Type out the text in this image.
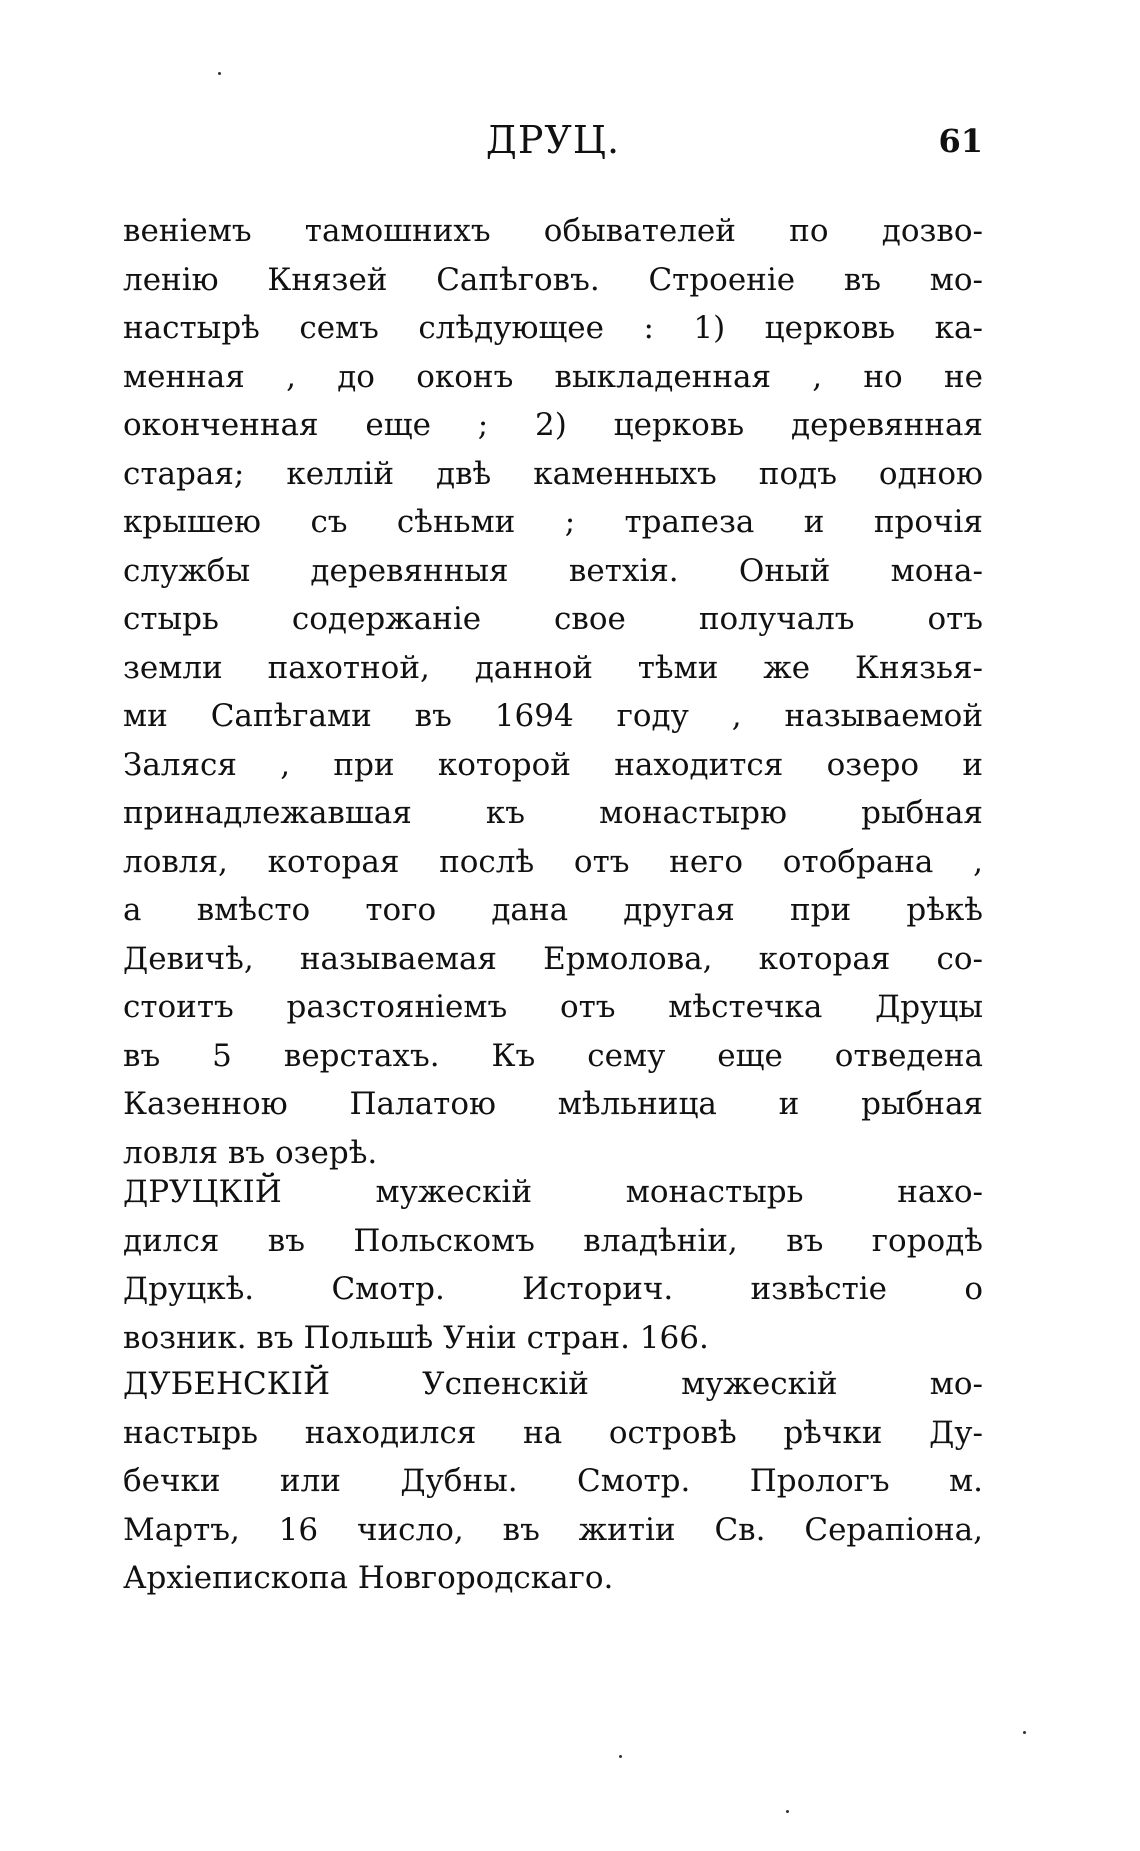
ДРУЦ.	61
венiемъ тамошнихъ обывателей по дозво-
ленiю Князей Сапѣговъ. Строенiе въ мо-
настырѣ семъ слѣдующее : 1) церковь ка-
менная , до оконъ выкладенная , но не
оконченная еще ; 2) церковь деревянная
старая; келлiй двѣ каменныхъ подъ одною
крышею съ сѣньми ; трапеза и прочiя
службы деревянныя ветхiя. Оный мона-
стырь содержанiе свое получалъ отъ
земли пахотной, данной тѣми же Князья-
ми Сапѣгами въ 1694 году , называемой
Заляся , при которой находится озеро и
принадлежавшая къ монастырю рыбная
ловля, которая послѣ отъ него отобрана ,
а вмѣсто того дана другая при рѣкѣ
Девичѣ, называемая Ермолова, которая со-
стоитъ разстоянiемъ отъ мѣстечка Друцы
въ 5 верстахъ. Къ сему еще отведена
Казенною Палатою мѣльница и рыбная
ловля въ озерѣ.
ДРУЦКIЙ мужескiй монастырь нахо-
дился въ Польскомъ владѣнiи, въ городѣ
Друцкѣ. Смотр. Историч. извѣстiе о
возник. въ Польшѣ Унiи стран. 166.
ДУБЕНСКIЙ Успенскiй мужескiй мо-
настырь находился на островѣ рѣчки Ду-
бечки или Дубны. Смотр. Прологъ м.
Мартъ, 16 число, въ житiи Св. Серапiона,
Архiепископа Новгородскаго.
